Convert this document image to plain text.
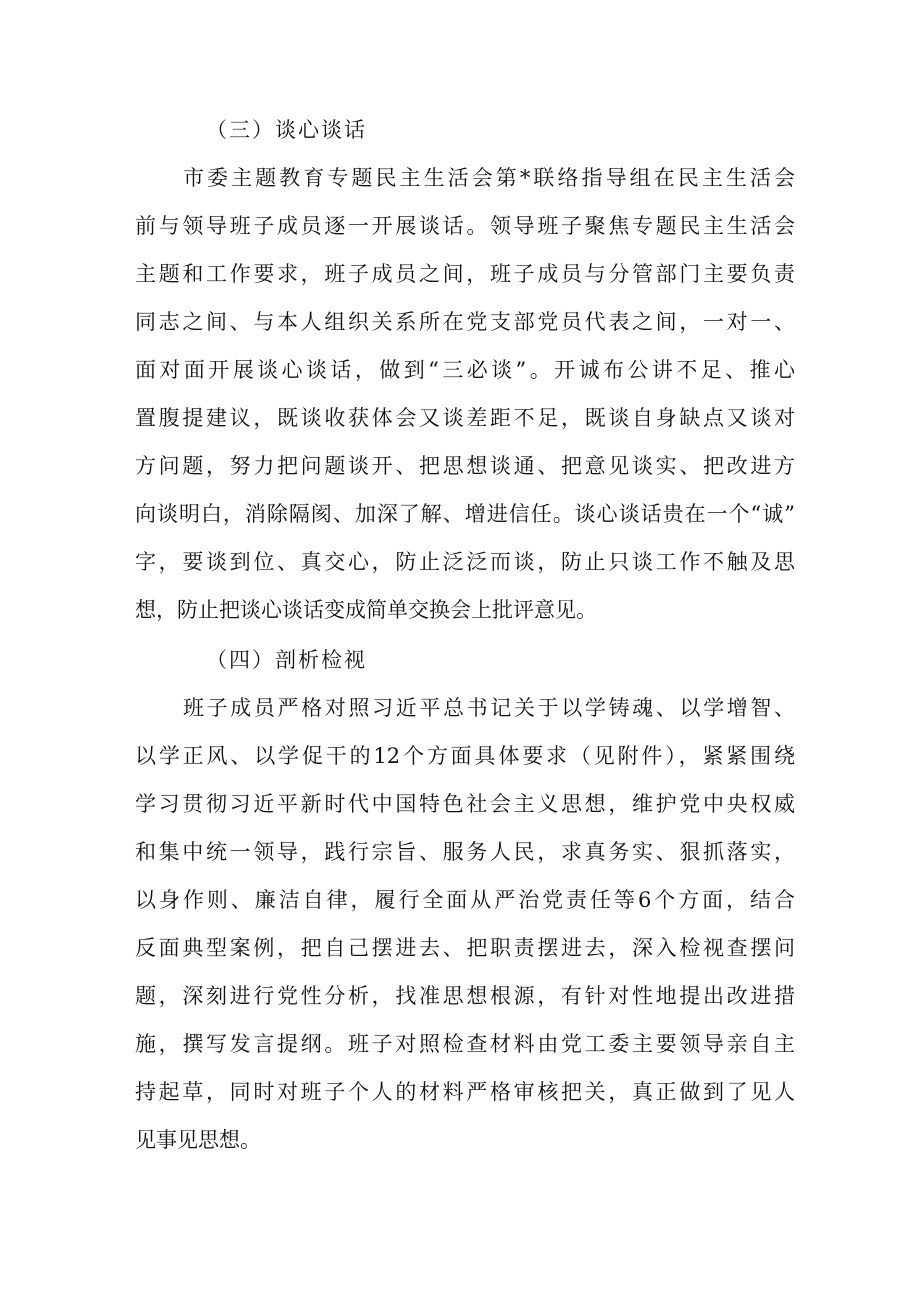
（三）谈心谈话
市委主题教育专题民主生活会第*联络指导组在民主生活会
前与领导班子成员逐一开展谈话。领导班子聚焦专题民主生活会
主题和工作要求，班子成员之间，班子成员与分管部门主要负责
同志之间、与本人组织关系所在党支部党员代表之间，一对一、
面对面开展谈心谈话，做到“三必谈”。开诚布公讲不足、推心
置腹提建议，既谈收获体会又谈差距不足，既谈自身缺点又谈对
方问题，努力把问题谈开、把思想谈通、把意见谈实、把改进方
向谈明白，消除隔阂、加深了解、增进信任。谈心谈话贵在一个“诚”
字，要谈到位、真交心，防止泛泛而谈，防止只谈工作不触及思
想，防止把谈心谈话变成简单交换会上批评意见。
（四）剖析检视
班子成员严格对照习近平总书记关于以学铸魂、以学增智、
以学正风、以学促干的12个方面具体要求（见附件），紧紧围绕
学习贯彻习近平新时代中国特色社会主义思想，维护党中央权威
和集中统一领导，践行宗旨、服务人民，求真务实、狠抓落实，
以身作则、廉洁自律，履行全面从严治党责任等6个方面，结合
反面典型案例，把自己摆进去、把职责摆进去，深入检视查摆问
题，深刻进行党性分析，找准思想根源，有针对性地提出改进措
施，撰写发言提纲。班子对照检查材料由党工委主要领导亲自主
持起草，同时对班子个人的材料严格审核把关，真正做到了见人
见事见思想。
